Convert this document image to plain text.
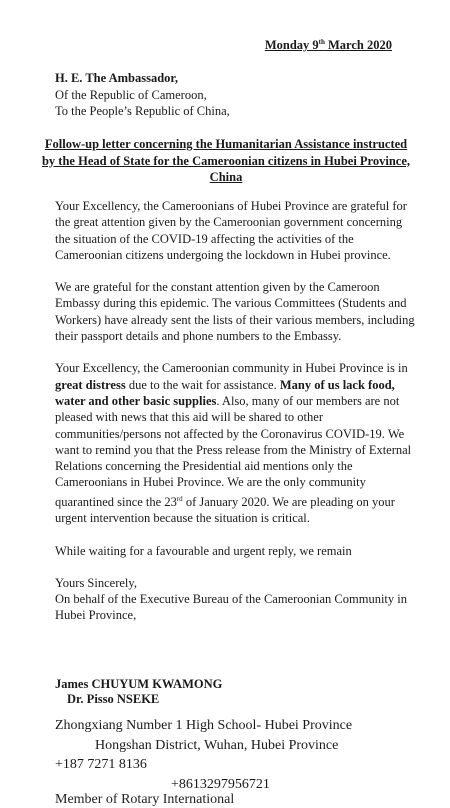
Monday 9th March 2020
H. E. The Ambassador,
Of the Republic of Cameroon,
To the People’s Republic of China,
Follow-up letter concerning the Humanitarian Assistance instructed by the Head of State for the Cameroonian citizens in Hubei Province, China

Your Excellency, the Cameroonians of Hubei Province are grateful for the great attention given by the Cameroonian government concerning the situation of the COVID-19 affecting the activities of the Cameroonian citizens undergoing the lockdown in Hubei province.

We are grateful for the constant attention given by the Cameroon Embassy during this epidemic. The various Committees (Students and Workers) have already sent the lists of their various members, including their passport details and phone numbers to the Embassy.

Your Excellency, the Cameroonian community in Hubei Province is in great distress due to the wait for assistance. Many of us lack food, water and other basic supplies. Also, many of our members are not pleased with news that this aid will be shared to other communities/persons not affected by the Coronavirus COVID-19. We want to remind you that the Press release from the Ministry of External Relations concerning the Presidential aid mentions only the Cameroonians in Hubei Province. We are the only community quarantined since the 23rd of January 2020. We are pleading on your urgent intervention because the situation is critical.

While waiting for a favourable and urgent reply, we remain

Yours Sincerely,
On behalf of the Executive Bureau of the Cameroonian Community in Hubei Province,

James CHUYUM KWAMONG
Dr. Pisso NSEKE
Zhongxiang Number 1 High School- Hubei Province
Hongshan District, Wuhan, Hubei Province
+187 7271 8136
+8613297956721
Member of Rotary International
